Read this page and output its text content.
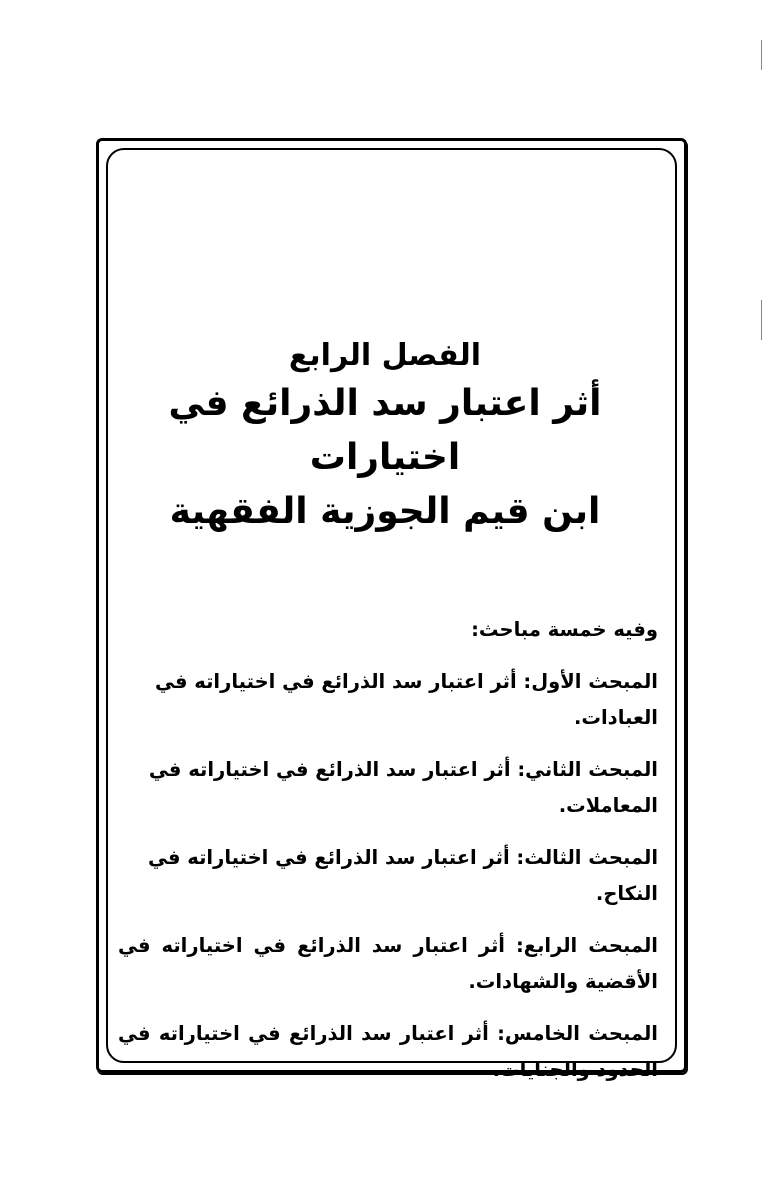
الفصل الرابع

أثر اعتبار سد الذرائع في اختيارات

ابن قيم الجوزية الفقهية

وفيه خمسة مباحث:

المبحث الأول: أثر اعتبار سد الذرائع في اختياراته في العبادات.

المبحث الثاني: أثر اعتبار سد الذرائع في اختياراته في المعاملات.

المبحث الثالث: أثر اعتبار سد الذرائع في اختياراته في النكاح.

المبحث الرابع: أثر اعتبار سد الذرائع في اختياراته في الأقضية والشهادات.

المبحث الخامس: أثر اعتبار سد الذرائع في اختياراته في الحدود والجنايات.
